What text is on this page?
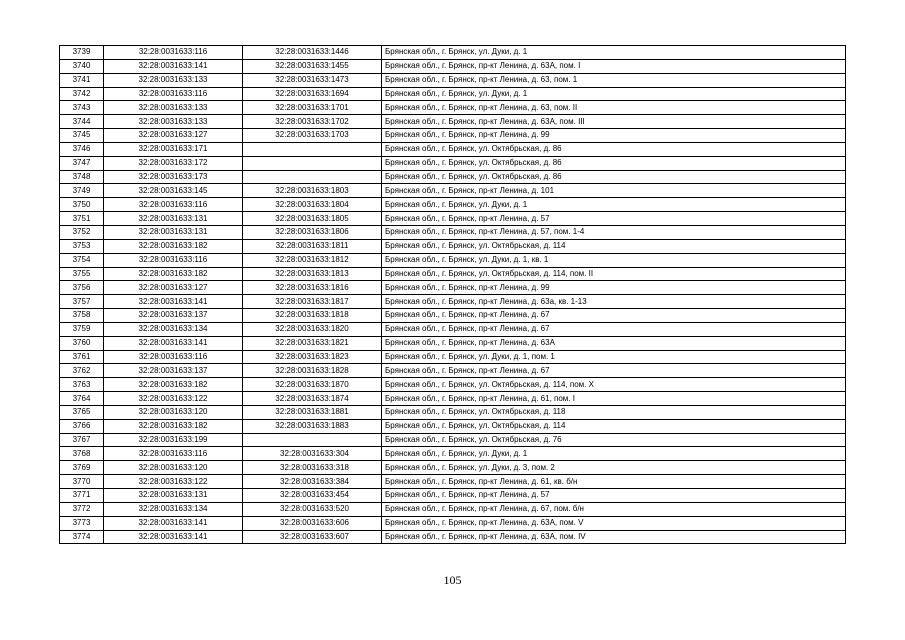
3739	32:28:0031633:116	32:28:0031633:1446	Брянская обл., г. Брянск, ул. Дуки, д. 1
3740	32:28:0031633:141	32:28:0031633:1455	Брянская обл., г. Брянск, пр-кт Ленина, д. 63А, пом. I
3741	32:28:0031633:133	32:28:0031633:1473	Брянская обл., г. Брянск, пр-кт Ленина, д. 63, пом. 1
3742	32:28:0031633:116	32:28:0031633:1694	Брянская обл., г. Брянск, ул. Дуки, д. 1
3743	32:28:0031633:133	32:28:0031633:1701	Брянская обл., г. Брянск, пр-кт Ленина, д. 63, пом. II
3744	32:28:0031633:133	32:28:0031633:1702	Брянская обл., г. Брянск, пр-кт Ленина, д. 63А, пом. III
3745	32:28:0031633:127	32:28:0031633:1703	Брянская обл., г. Брянск, пр-кт Ленина, д. 99
3746	32:28:0031633:171		Брянская обл., г. Брянск, ул. Октябрьская, д. 86
3747	32:28:0031633:172		Брянская обл., г. Брянск, ул. Октябрьская, д. 86
3748	32:28:0031633:173		Брянская обл., г. Брянск, ул. Октябрьская, д. 86
3749	32:28:0031633:145	32:28:0031633:1803	Брянская обл., г. Брянск, пр-кт Ленина, д. 101
3750	32:28:0031633:116	32:28:0031633:1804	Брянская обл., г. Брянск, ул. Дуки, д. 1
3751	32:28:0031633:131	32:28:0031633:1805	Брянская обл., г. Брянск, пр-кт Ленина, д. 57
3752	32:28:0031633:131	32:28:0031633:1806	Брянская обл., г. Брянск, пр-кт Ленина, д. 57, пом. 1-4
3753	32:28:0031633:182	32:28:0031633:1811	Брянская обл., г. Брянск, ул. Октябрьская, д. 114
3754	32:28:0031633:116	32:28:0031633:1812	Брянская обл., г. Брянск, ул. Дуки, д. 1, кв. 1
3755	32:28:0031633:182	32:28:0031633:1813	Брянская обл., г. Брянск, ул. Октябрьская, д. 114, пом. II
3756	32:28:0031633:127	32:28:0031633:1816	Брянская обл., г. Брянск, пр-кт Ленина, д. 99
3757	32:28:0031633:141	32:28:0031633:1817	Брянская обл., г. Брянск, пр-кт Ленина, д. 63а, кв. 1-13
3758	32:28:0031633:137	32:28:0031633:1818	Брянская обл., г. Брянск, пр-кт Ленина, д. 67
3759	32:28:0031633:134	32:28:0031633:1820	Брянская обл., г. Брянск, пр-кт Ленина, д. 67
3760	32:28:0031633:141	32:28:0031633:1821	Брянская обл., г. Брянск, пр-кт Ленина, д. 63А
3761	32:28:0031633:116	32:28:0031633:1823	Брянская обл., г. Брянск, ул. Дуки, д. 1, пом. 1
3762	32:28:0031633:137	32:28:0031633:1828	Брянская обл., г. Брянск, пр-кт Ленина, д. 67
3763	32:28:0031633:182	32:28:0031633:1870	Брянская обл., г. Брянск, ул. Октябрьская, д. 114, пом. X
3764	32:28:0031633:122	32:28:0031633:1874	Брянская обл., г. Брянск, пр-кт Ленина, д. 61, пом. I
3765	32:28:0031633:120	32:28:0031633:1881	Брянская обл., г. Брянск, ул. Октябрьская, д. 118
3766	32:28:0031633:182	32:28:0031633:1883	Брянская обл., г. Брянск, ул. Октябрьская, д. 114
3767	32:28:0031633:199		Брянская обл., г. Брянск, ул. Октябрьская, д. 76
3768	32:28:0031633:116	32:28:0031633:304	Брянская обл., г. Брянск, ул. Дуки, д. 1
3769	32:28:0031633:120	32:28:0031633:318	Брянская обл., г. Брянск, ул. Дуки, д. 3, пом. 2
3770	32:28:0031633:122	32:28:0031633:384	Брянская обл., г. Брянск, пр-кт Ленина, д. 61, кв. б/н
3771	32:28:0031633:131	32:28:0031633:454	Брянская обл., г. Брянск, пр-кт Ленина, д. 57
3772	32:28:0031633:134	32:28:0031633:520	Брянская обл., г. Брянск, пр-кт Ленина, д. 67, пом. б/н
3773	32:28:0031633:141	32:28:0031633:606	Брянская обл., г. Брянск, пр-кт Ленина, д. 63А, пом. V
3774	32:28:0031633:141	32:28:0031633:607	Брянская обл., г. Брянск, пр-кт Ленина, д. 63А, пом. IV
105
